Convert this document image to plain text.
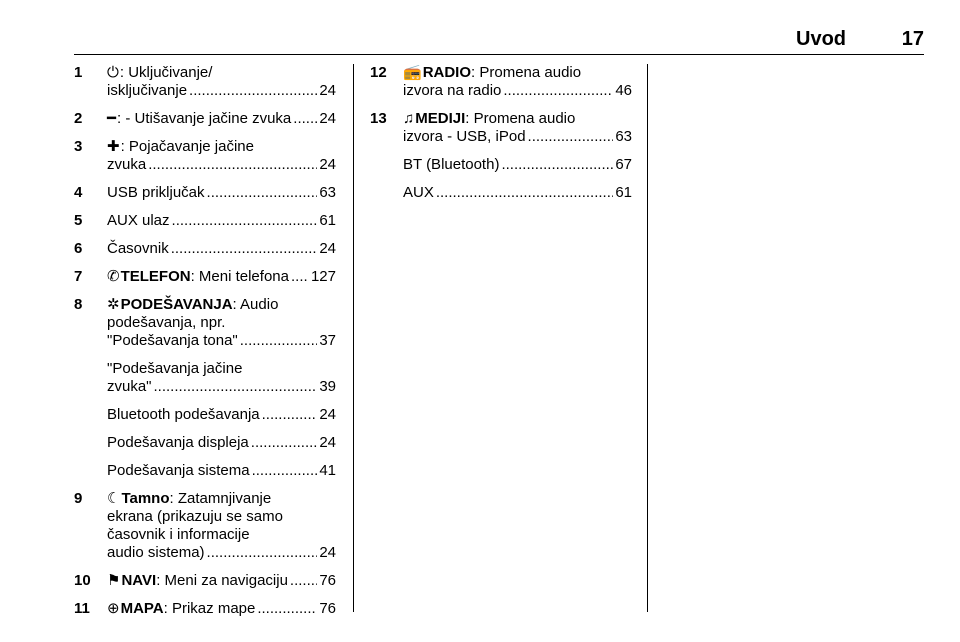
Uvod	17
1 ⏻: Uključivanje/
isključivanje .....	24
2 ━: - Utišavanje jačine zvuka ..... 24
3 ✚: Pojačavanje jačine
zvuka .....	24
4 USB priključak .....	63
5 AUX ulaz .....	61
6 Časovnik .....	24
7 ✆TELEFON: Meni telefona ..... 127
8 ✲PODEŠAVANJA: Audio
podešavanja, npr.
"Podešavanja tona" .....	37
"Podešavanja jačine
zvuka" .....	39
Bluetooth podešavanja .....	24
Podešavanja displeja .....	24
Podešavanja sistema .....	41
9 ☾Tamno: Zatamnjivanje
ekrana (prikazuju se samo
časovnik i informacije
audio sistema) .....	24
10 ⚑NAVI: Meni za navigaciju ..... 76
11 ⊕MAPA: Prikaz mape .....	76
12 📻RADIO: Promena audio
izvora na radio .....	46
13 ♫MEDIJI: Promena audio
izvora - USB, iPod .....	63
BT (Bluetooth) .....	67
AUX .....	61
